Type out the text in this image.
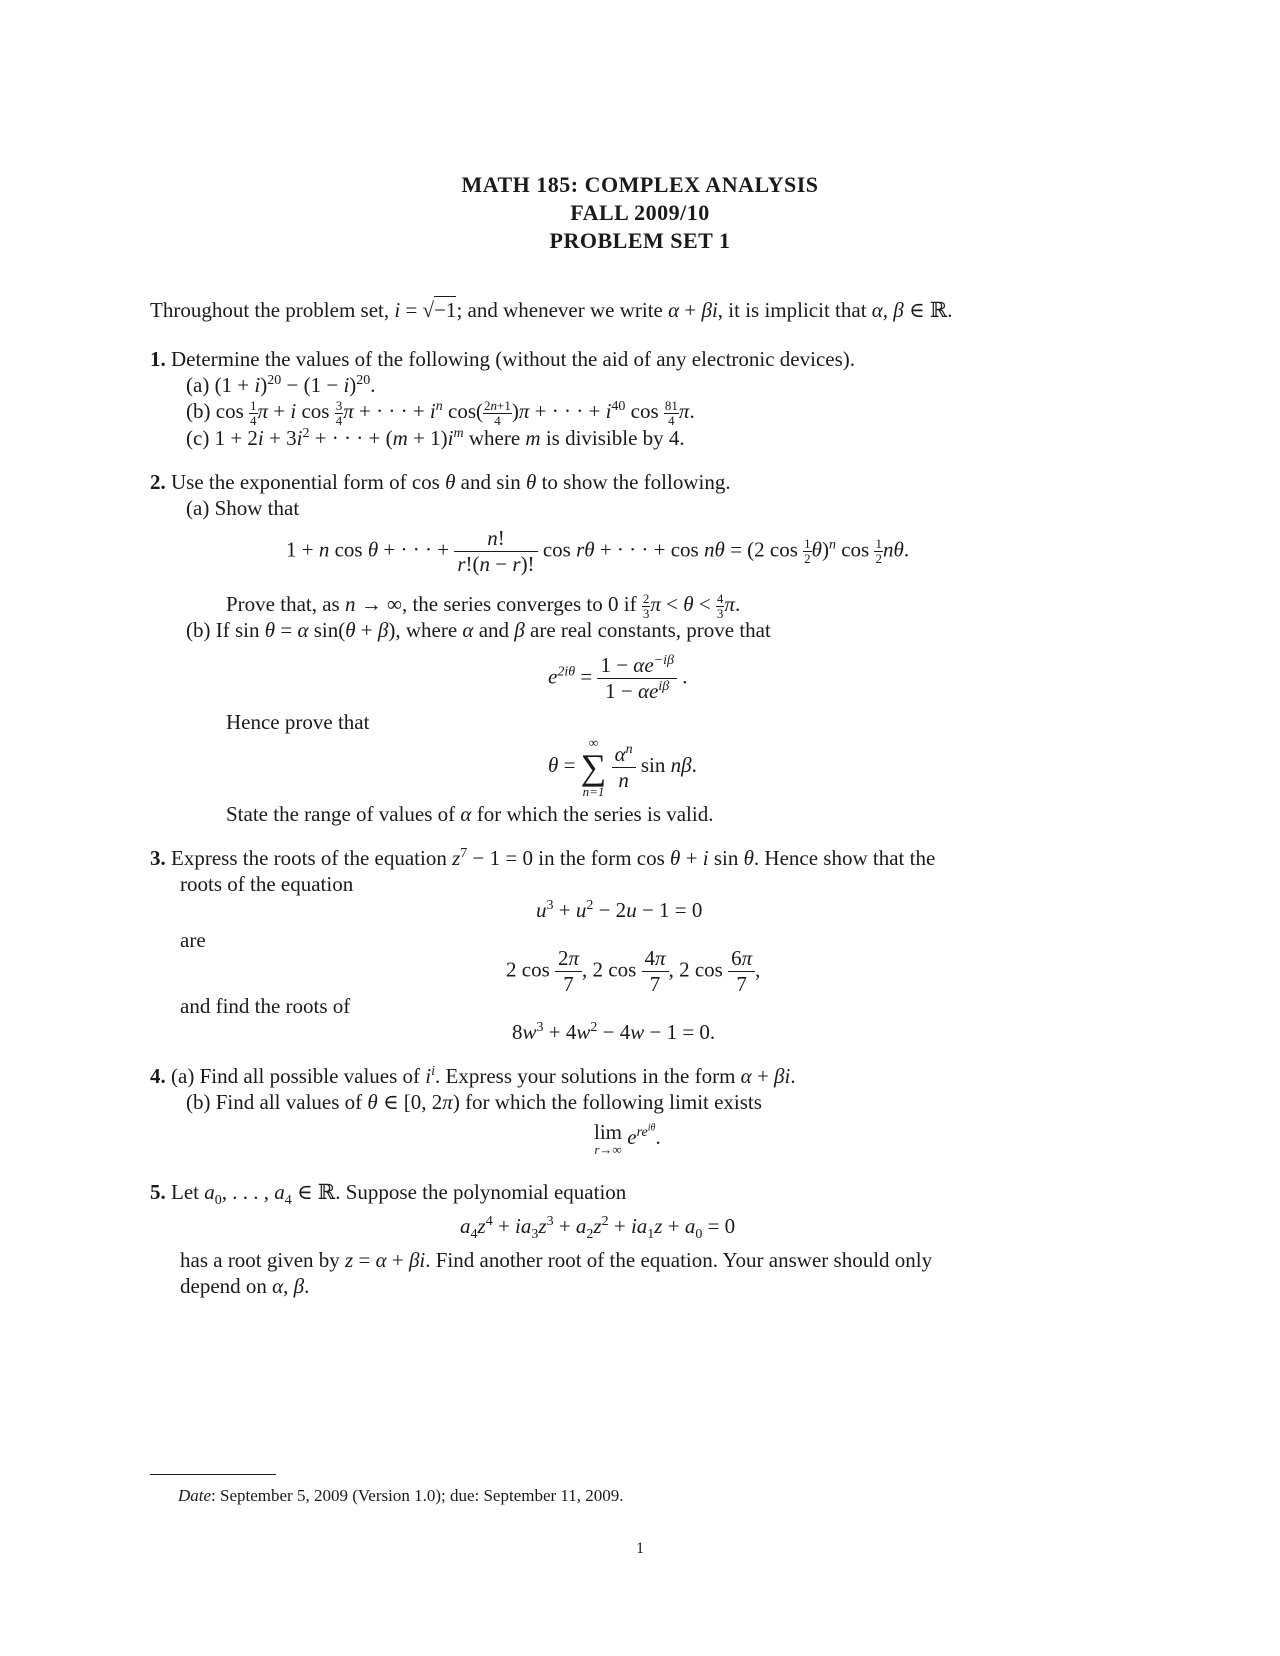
MATH 185: COMPLEX ANALYSIS
FALL 2009/10
PROBLEM SET 1
Throughout the problem set, i = √−1; and whenever we write α + βi, it is implicit that α, β ∈ ℝ.
1. Determine the values of the following (without the aid of any electronic devices).
(a) $(1 + i)^{20} - (1 - i)^{20}$.
(b) $\cos \frac{1}{4}$ π + i $\cos \frac{3}{4}$ π + · · · + $i^n$ $\cos( \frac{2n+1}{4} )\pi$ + · · · + $i^{40}$ $\cos \frac{81}{4} \pi$.
(c) $1 + 2i + 3i^2$ + · · · + $(m + 1)i^m$ where m is divisible by 4.
2. Use the exponential form of cos θ and sin θ to show the following.
(a) Show that
1 + n cos θ + · · · + $\frac{n!}{r!(n - r)!}$ cos rθ + · · · + cos nθ = (2 $\cos \frac{1}{2} \theta)^n$ $\cos \frac{1}{2} n\theta$.
Prove that, as n → ∞, the series converges to 0 if $\frac{2}{3}$ $\pi < \theta < \frac{4}{3} \pi$.
(b) If sin θ = α sin(θ + β), where α and β are real constants, prove that
$e^{2i\theta} = \frac{1 - \alpha e^{-i\beta}}{1 - \alpha e^{i\beta}}$ .
Hence prove that
θ =
∞
∑
n=1

$\frac{\alpha^n}{n}$ sin nβ.
State the range of values of α for which the series is valid.
3. Express the roots of the equation $z^7 - 1 = 0$ in the form cos θ + i sin θ. Hence show that the
roots of the equation
$u^3 + u^2 - 2u - 1 = 0$
are
2 $\cos \frac{2\pi}{7}$ , 2 $\cos \frac{4\pi}{7}$ , 2 $\cos \frac{6\pi}{7}$ ,
and find the roots of
$8w^3 + 4w^2 - 4w - 1 = 0$.
4. (a) Find all possible values of $i^i$. Express your solutions in the form α + βi.
(b) Find all values of θ ∈ [0, 2π) for which the following limit exists
lim
r→∞
$e^{re^{i\theta}}$.
5. Let $a_0$, . . . , $a_4$ ∈ ℝ. Suppose the polynomial equation
$a_4z^4 + ia_3z^3 + a_2z^2 + ia_1z + a_0 = 0$
has a root given by z = α + βi. Find another root of the equation. Your answer should only
depend on α, β.
Date: September 5, 2009 (Version 1.0); due: September 11, 2009.
1
